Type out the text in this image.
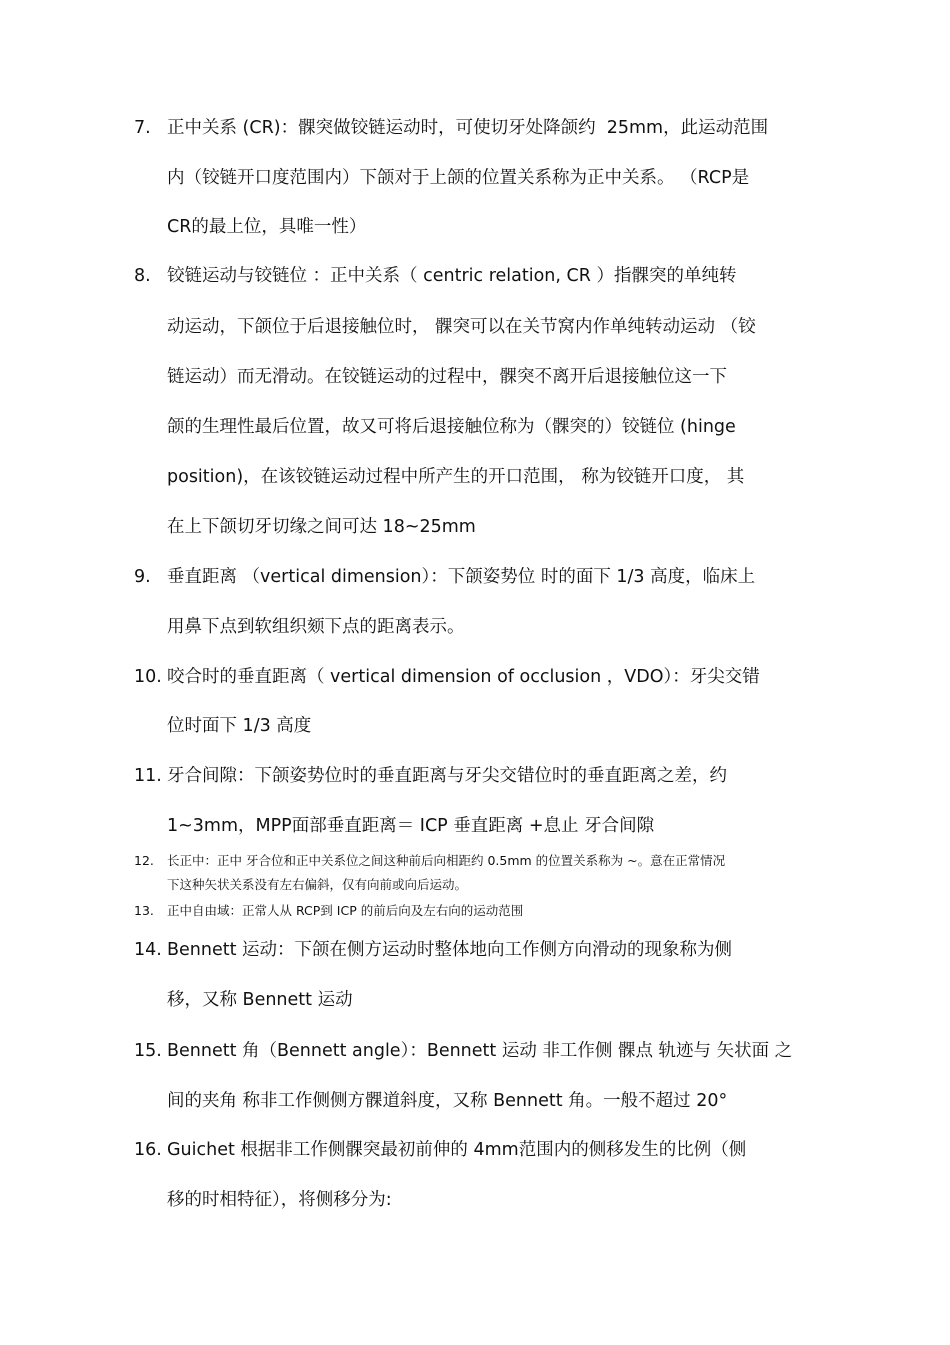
7. 正中关系 (CR)：髁突做铰链运动时，可使切牙处降颌约  25mm，此运动范围
内（铰链开口度范围内）下颌对于上颌的位置关系称为正中关系。 （RCP是
CR的最上位，具唯一性）
8. 铰链运动与铰链位 ：正中关系（ centric relation, CR ）指髁突的单纯转
动运动，下颌位于后退接触位时， 髁突可以在关节窝内作单纯转动运动 （铰
链运动）而无滑动。在铰链运动的过程中，髁突不离开后退接触位这一下
颌的生理性最后位置，故又可将后退接触位称为（髁突的）铰链位 (hinge
position)，在该铰链运动过程中所产生的开口范围， 称为铰链开口度， 其
在上下颌切牙切缘之间可达 18~25mm
9. 垂直距离 （vertical dimension）：下颌姿势位 时的面下 1/3 高度，临床上
用鼻下点到软组织颏下点的距离表示。
10. 咬合时的垂直距离（ vertical dimension of occlusion ，VDO）：牙尖交错
位时面下 1/3 高度
11. 牙合间隙：下颌姿势位时的垂直距离与牙尖交错位时的垂直距离之差，约
1~3mm，MPP面部垂直距离＝ ICP 垂直距离 +息止 牙合间隙
12. 长正中：正中 牙合位和正中关系位之间这种前后向相距约 0.5mm 的位置关系称为 ~。意在正常情况
下这种矢状关系没有左右偏斜，仅有向前或向后运动。
13. 正中自由域：正常人从 RCP到 ICP 的前后向及左右向的运动范围
14. Bennett 运动：下颌在侧方运动时整体地向工作侧方向滑动的现象称为侧
移，又称 Bennett 运动
15. Bennett 角（Bennett angle）：Bennett 运动 非工作侧 髁点 轨迹与 矢状面 之
间的夹角 称非工作侧侧方髁道斜度，又称 Bennett 角。一般不超过 20°
16. Guichet 根据非工作侧髁突最初前伸的 4mm范围内的侧移发生的比例（侧
移的时相特征），将侧移分为:
